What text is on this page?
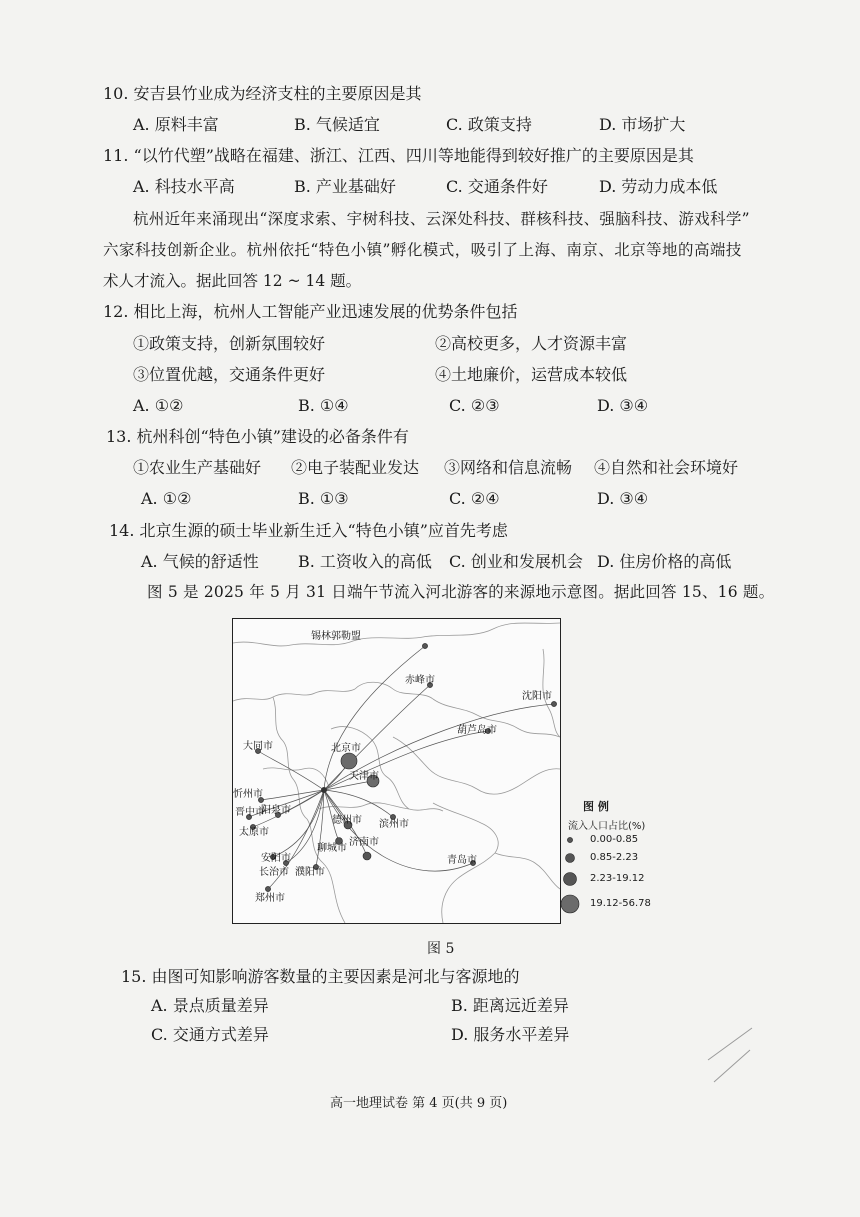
10. 安吉县竹业成为经济支柱的主要原因是其
A. 原料丰富	B. 气候适宜	C. 政策支持	D. 市场扩大
11. “以竹代塑”战略在福建、浙江、江西、四川等地能得到较好推广的主要原因是其
A. 科技水平高	B. 产业基础好	C. 交通条件好	D. 劳动力成本低
杭州近年来涌现出“深度求索、宇树科技、云深处科技、群核科技、强脑科技、游戏科学”
六家科技创新企业。杭州依托“特色小镇”孵化模式，吸引了上海、南京、北京等地的高端技
术人才流入。据此回答 12 ~ 14 题。
12. 相比上海，杭州人工智能产业迅速发展的优势条件包括
①政策支持，创新氛围较好	②高校更多，人才资源丰富
③位置优越，交通条件更好	④土地廉价，运营成本较低
A. ①②	B. ①④	C. ②③	D. ③④
13. 杭州科创“特色小镇”建设的必备条件有
①农业生产基础好 ②电子装配业发达 ③网络和信息流畅 ④自然和社会环境好
A. ①②	B. ①③	C. ②④	D. ③④
14. 北京生源的硕士毕业新生迁入“特色小镇”应首先考虑
A. 气候的舒适性 B. 工资收入的高低 C. 创业和发展机会 D. 住房价格的高低
图 5 是 2025 年 5 月 31 日端午节流入河北游客的来源地示意图。据此回答 15、16 题。
锡林郭勒盟
赤峰市
沈阳市
葫芦岛市
大同市	北京市
天津市
忻州市
晋中市
阳泉市
太原市
德州市 滨州市
聊城市
济南市
安阳市
长治市 濮阳市
青岛市
郑州市
图 例
流入人口占比(%)
0.00-0.85
0.85-2.23
2.23-19.12
19.12-56.78
图 5
15. 由图可知影响游客数量的主要因素是河北与客源地的
A. 景点质量差异	B. 距离远近差异
C. 交通方式差异	D. 服务水平差异
高一地理试卷 第 4 页(共 9 页)
